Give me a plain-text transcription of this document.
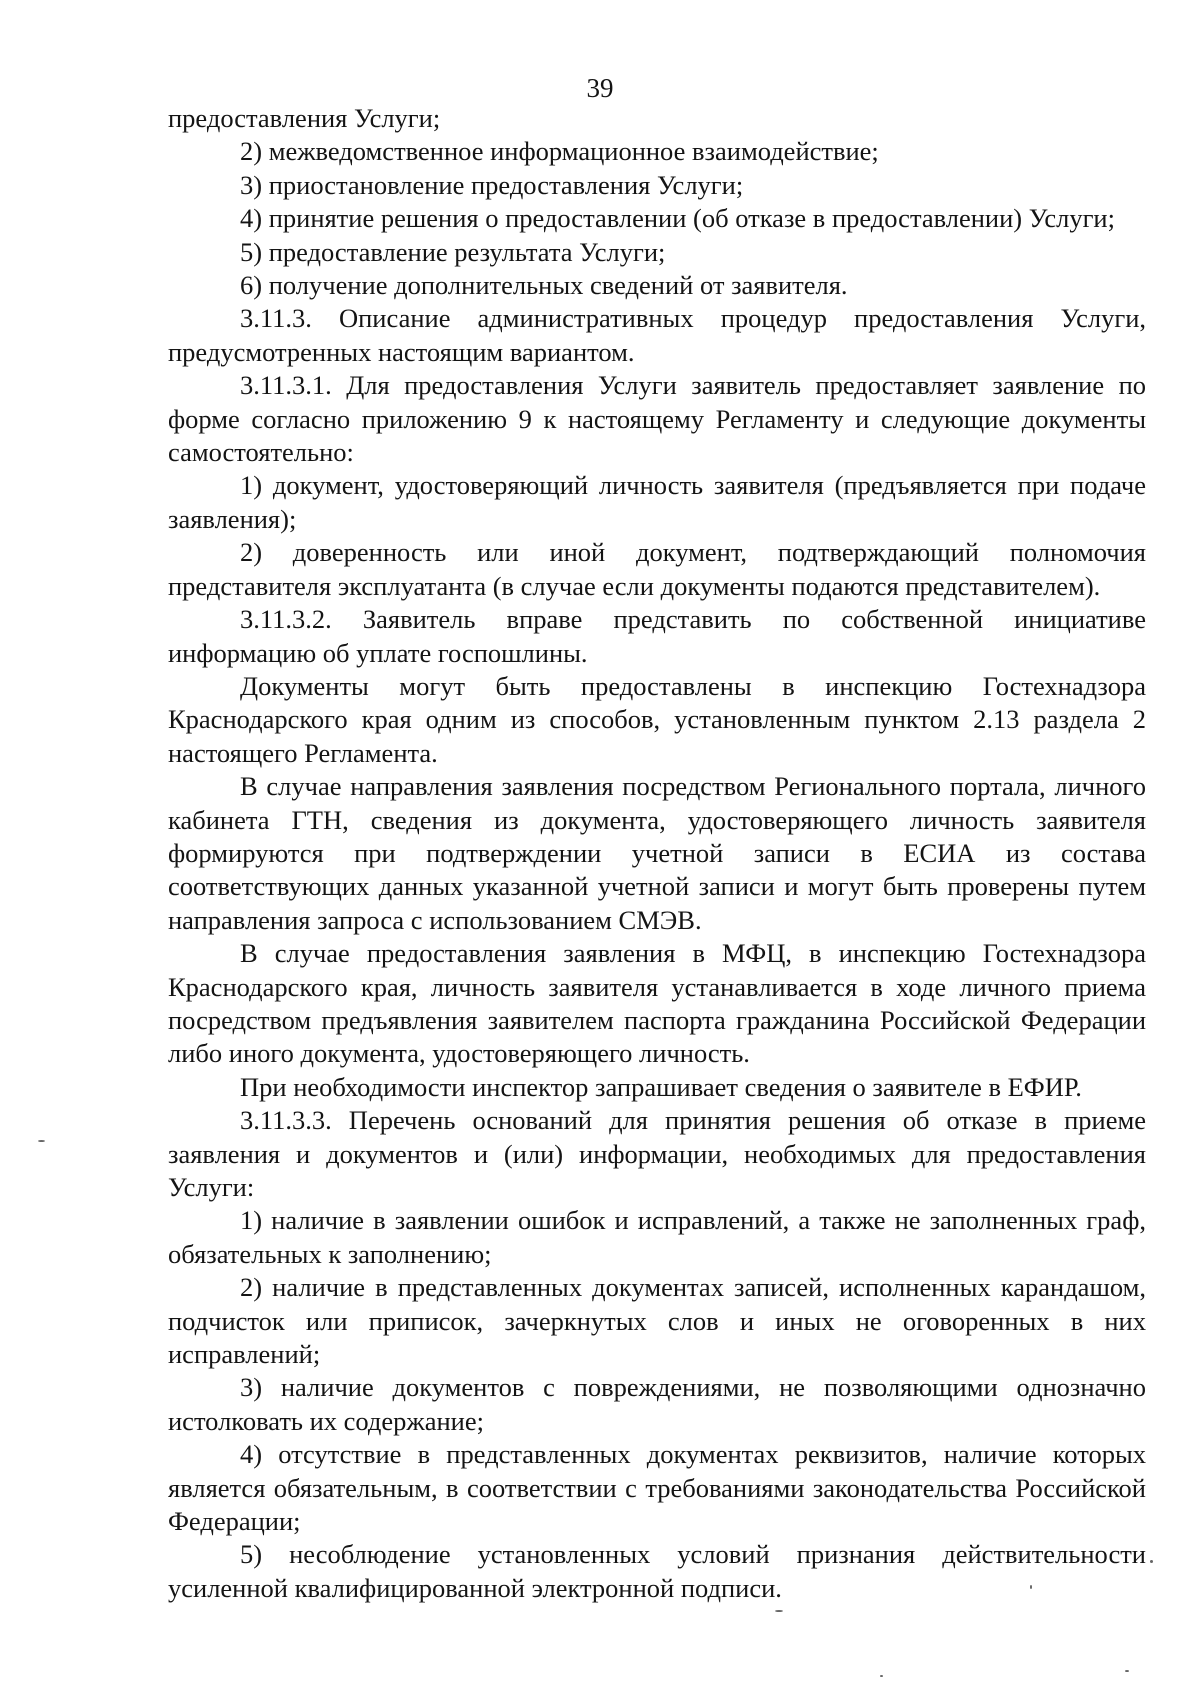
39

предоставления Услуги;

2) межведомственное информационное взаимодействие;

3) приостановление предоставления Услуги;

4) принятие решения о предоставлении (об отказе в предоставлении) Услуги;

5) предоставление результата Услуги;

6) получение дополнительных сведений от заявителя.

3.11.3. Описание административных процедур предоставления Услуги, предусмотренных настоящим вариантом.

3.11.3.1. Для предоставления Услуги заявитель предоставляет заявление по форме согласно приложению 9 к настоящему Регламенту и следующие документы самостоятельно:

1) документ, удостоверяющий личность заявителя (предъявляется при подаче заявления);

2) доверенность или иной документ, подтверждающий полномочия представителя эксплуатанта (в случае если документы подаются представителем).

3.11.3.2. Заявитель вправе представить по собственной инициативе информацию об уплате госпошлины.

Документы могут быть предоставлены в инспекцию Гостехнадзора Краснодарского края одним из способов, установленным пунктом 2.13 раздела 2 настоящего Регламента.

В случае направления заявления посредством Регионального портала, личного кабинета ГТН, сведения из документа, удостоверяющего личность заявителя формируются при подтверждении учетной записи в ЕСИА из состава соответствующих данных указанной учетной записи и могут быть проверены путем направления запроса с использованием СМЭВ.

В случае предоставления заявления в МФЦ, в инспекцию Гостехнадзора Краснодарского края, личность заявителя устанавливается в ходе личного приема посредством предъявления заявителем паспорта гражданина Российской Федерации либо иного документа, удостоверяющего личность.

При необходимости инспектор запрашивает сведения о заявителе в ЕФИР.

3.11.3.3. Перечень оснований для принятия решения об отказе в приеме заявления и документов и (или) информации, необходимых для предоставления Услуги:

1) наличие в заявлении ошибок и исправлений, а также не заполненных граф, обязательных к заполнению;

2) наличие в представленных документах записей, исполненных карандашом, подчисток или приписок, зачеркнутых слов и иных не оговоренных в них исправлений;

3) наличие документов с повреждениями, не позволяющими однозначно истолковать их содержание;

4) отсутствие в представленных документах реквизитов, наличие которых является обязательным, в соответствии с требованиями законодательства Российской Федерации;

5) несоблюдение установленных условий признания действительности усиленной квалифицированной электронной подписи.
